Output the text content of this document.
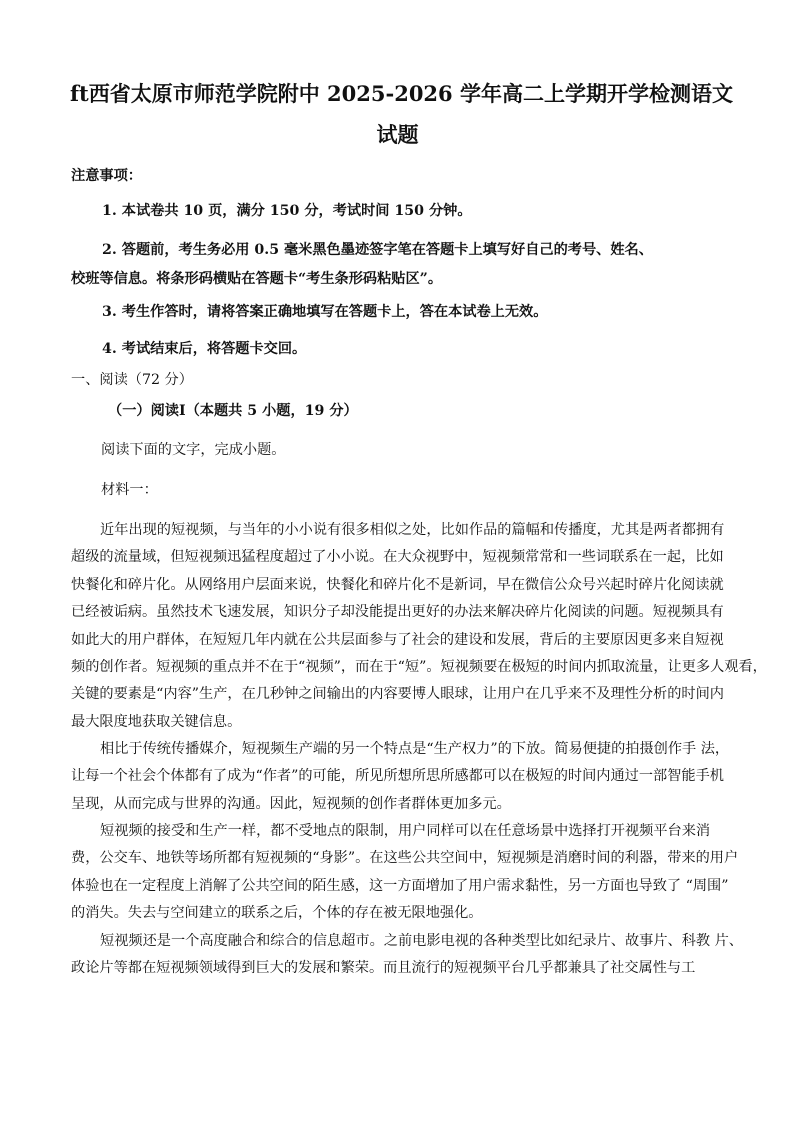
ft西省太原市师范学院附中 2025-2026 学年高二上学期开学检测语文
试题
注意事项：
1. 本试卷共 10 页，满分 150 分，考试时间 150 分钟。
2. 答题前，考生务必用 0.5 毫米黑色墨迹签字笔在答题卡上填写好自己的考号、姓名、
校班等信息。将条形码横贴在答题卡“考生条形码粘贴区”。
3. 考生作答时，请将答案正确地填写在答题卡上，答在本试卷上无效。
4. 考试结束后，将答题卡交回。
一、阅读（72 分）
（一）阅读Ⅰ（本题共 5 小题，19 分）
阅读下面的文字，完成小题。
材料一：
近年出现的短视频，与当年的小小说有很多相似之处，比如作品的篇幅和传播度，尤其是两者都拥有
超级的流量域，但短视频迅猛程度超过了小小说。在大众视野中，短视频常常和一些词联系在一起，比如
快餐化和碎片化。从网络用户层面来说，快餐化和碎片化不是新词，早在微信公众号兴起时碎片化阅读就
已经被诟病。虽然技术飞速发展，知识分子却没能提出更好的办法来解决碎片化阅读的问题。短视频具有
如此大的用户群体，在短短几年内就在公共层面参与了社会的建设和发展，背后的主要原因更多来自短视
频的创作者。短视频的重点并不在于“视频”，而在于“短”。短视频要在极短的时间内抓取流量，让更多人观看，
关键的要素是“内容”生产，在几秒钟之间输出的内容要博人眼球，让用户在几乎来不及理性分析的时间内
最大限度地获取关键信息。
相比于传统传播媒介，短视频生产端的另一个特点是“生产权力”的下放。简易便捷的拍摄创作手 法，
让每一个社会个体都有了成为“作者”的可能，所见所想所思所感都可以在极短的时间内通过一部智能手机
呈现，从而完成与世界的沟通。因此，短视频的创作者群体更加多元。
短视频的接受和生产一样，都不受地点的限制，用户同样可以在任意场景中选择打开视频平台来消
费，公交车、地铁等场所都有短视频的“身影”。在这些公共空间中，短视频是消磨时间的利器，带来的用户
体验也在一定程度上消解了公共空间的陌生感，这一方面增加了用户需求黏性，另一方面也导致了 “周围”
的消失。失去与空间建立的联系之后，个体的存在被无限地强化。
短视频还是一个高度融合和综合的信息超市。之前电影电视的各种类型比如纪录片、故事片、科教 片、
政论片等都在短视频领域得到巨大的发展和繁荣。而且流行的短视频平台几乎都兼具了社交属性与工
